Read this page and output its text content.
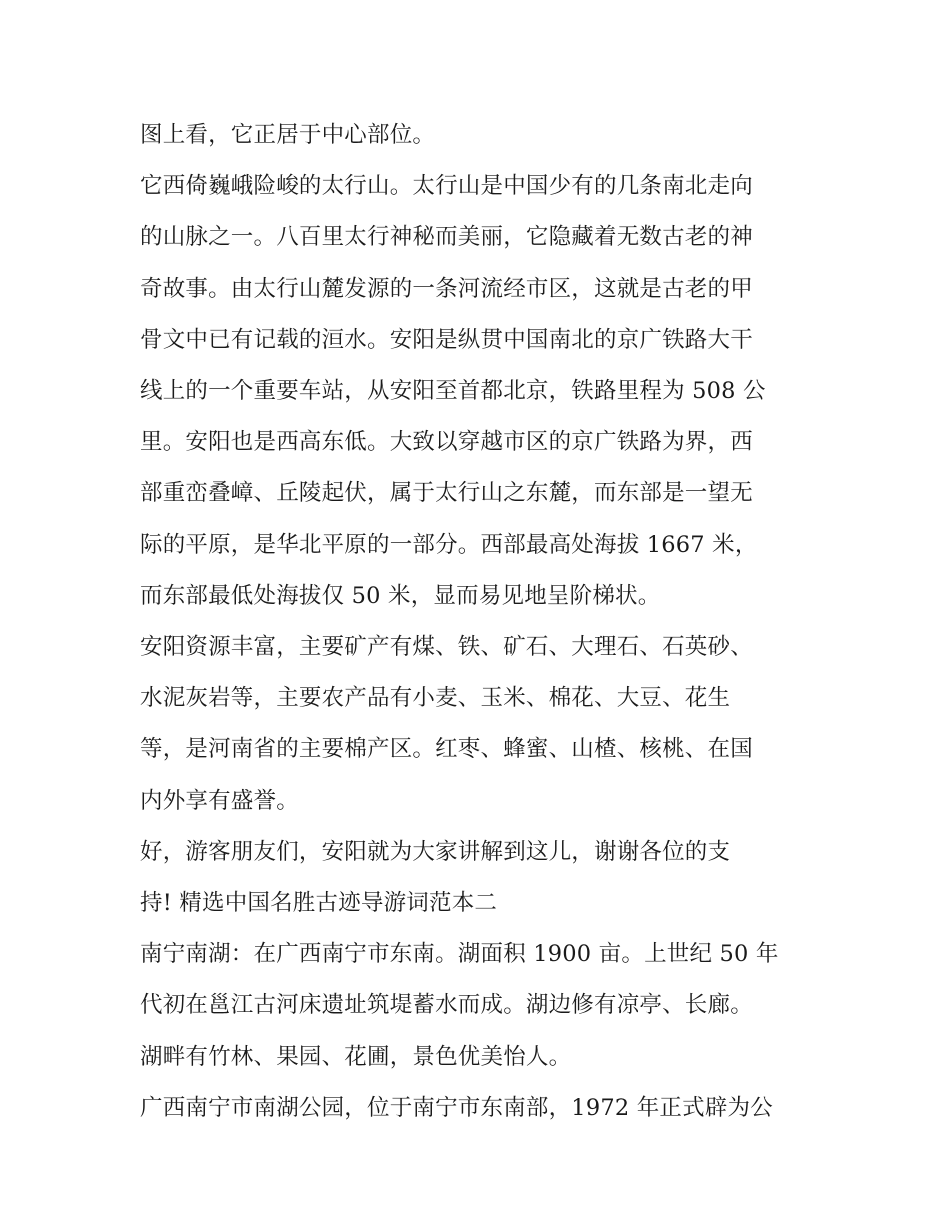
图上看，它正居于中心部位。

它西倚巍峨险峻的太行山。太行山是中国少有的几条南北走向
的山脉之一。八百里太行神秘而美丽，它隐藏着无数古老的神
奇故事。由太行山麓发源的一条河流经市区，这就是古老的甲
骨文中已有记载的洹水。安阳是纵贯中国南北的京广铁路大干
线上的一个重要车站，从安阳至首都北京，铁路里程为 508 公
里。安阳也是西高东低。大致以穿越市区的京广铁路为界，西
部重峦叠嶂、丘陵起伏，属于太行山之东麓，而东部是一望无
际的平原，是华北平原的一部分。西部最高处海拔 1667 米，
而东部最低处海拔仅 50 米，显而易见地呈阶梯状。

安阳资源丰富，主要矿产有煤、铁、矿石、大理石、石英砂、
水泥灰岩等，主要农产品有小麦、玉米、棉花、大豆、花生
等，是河南省的主要棉产区。红枣、蜂蜜、山楂、核桃、在国
内外享有盛誉。

好，游客朋友们，安阳就为大家讲解到这儿，谢谢各位的支
持! 精选中国名胜古迹导游词范本二

南宁南湖：在广西南宁市东南。湖面积 1900 亩。上世纪 50 年
代初在邕江古河床遗址筑堤蓄水而成。湖边修有凉亭、长廊。
湖畔有竹林、果园、花圃，景色优美怡人。

广西南宁市南湖公园，位于南宁市东南部，1972 年正式辟为公
